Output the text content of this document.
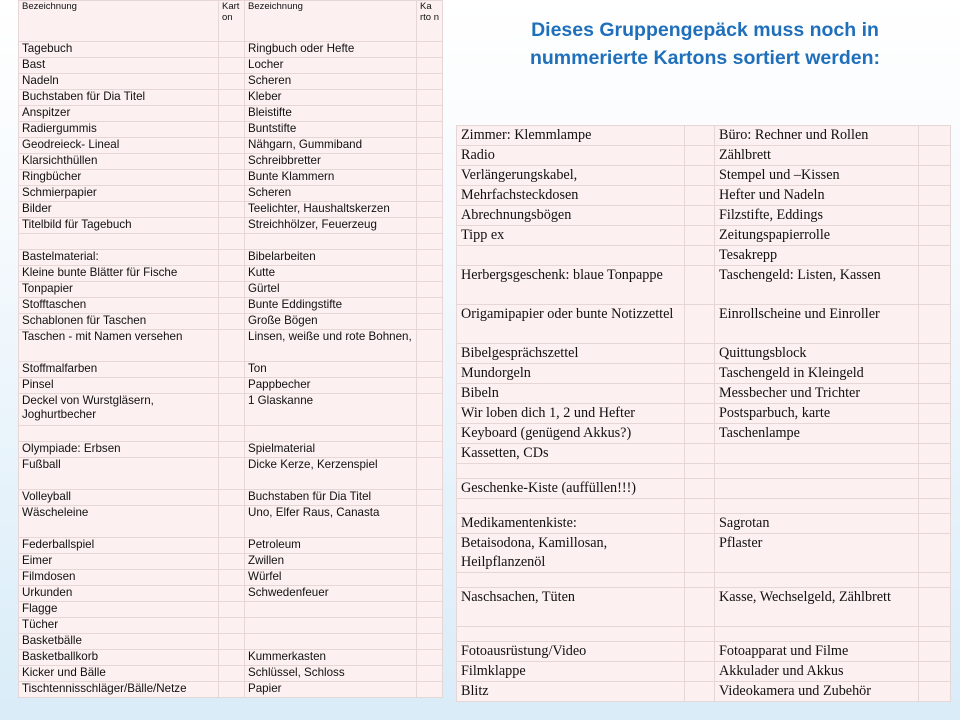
Bezeichnung	Kart on	Bezeichnung	Ka rto n
Tagebuch		Ringbuch oder Hefte	
Bast		Locher	
Nadeln		Scheren	
Buchstaben für Dia Titel		Kleber	
Anspitzer		Bleistifte	
Radiergummis		Buntstifte	
Geodreieck- Lineal		Nähgarn, Gummiband	
Klarsichthüllen		Schreibbretter	
Ringbücher		Bunte Klammern	
Schmierpapier		Scheren	
Bilder		Teelichter, Haushaltskerzen	
Titelbild für Tagebuch		Streichhölzer, Feuerzeug	

Bastelmaterial:		Bibelarbeiten	
Kleine bunte Blätter für Fische		Kutte	
Tonpapier		Gürtel	
Stofftaschen		Bunte Eddingstifte	
Schablonen für Taschen		Große Bögen	
Taschen - mit Namen versehen		Linsen, weiße und rote Bohnen,	
Stoffmalfarben		Ton	
Pinsel		Pappbecher	
Deckel von Wurstgläsern, Joghurtbecher		1 Glaskanne	

Olympiade: Erbsen		Spielmaterial	
Fußball		Dicke Kerze, Kerzenspiel	
Volleyball		Buchstaben für Dia Titel	
Wäscheleine		Uno, Elfer Raus, Canasta	
Federballspiel		Petroleum	
Eimer		Zwillen	
Filmdosen		Würfel	
Urkunden		Schwedenfeuer	
Flagge			
Tücher			
Basketbälle			
Basketballkorb		Kummerkasten	
Kicker und Bälle		Schlüssel, Schloss	
Tischtennisschläger/Bälle/Netze		Papier	
Dieses Gruppengepäck muss noch in
nummerierte Kartons sortiert werden:
Zimmer: Klemmlampe		Büro: Rechner und Rollen	
Radio		Zählbrett	
Verlängerungskabel,		Stempel und –Kissen	
Mehrfachsteckdosen		Hefter und Nadeln	
Abrechnungsbögen		Filzstifte, Eddings	
Tipp ex		Zeitungspapierrolle	
		Tesakrepp	
Herbergsgeschenk: blaue Tonpappe		Taschengeld: Listen, Kassen	
Origamipapier oder bunte Notizzettel		Einrollscheine und Einroller	
Bibelgesprächszettel		Quittungsblock	
Mundorgeln		Taschengeld in Kleingeld	
Bibeln		Messbecher und Trichter	
Wir loben dich 1, 2 und Hefter		Postsparbuch, karte	
Keyboard (genügend Akkus?)		Taschenlampe	
Kassetten, CDs			

Geschenke-Kiste (auffüllen!!!)			

Medikamentenkiste:		Sagrotan	
Betaisodona, Kamillosan, Heilpflanzenöl		Pflaster	

Naschsachen, Tüten		Kasse, Wechselgeld, Zählbrett	

Fotoausrüstung/Video		Fotoapparat und Filme	
Filmklappe		Akkulader und Akkus	
Blitz		Videokamera und Zubehör	
